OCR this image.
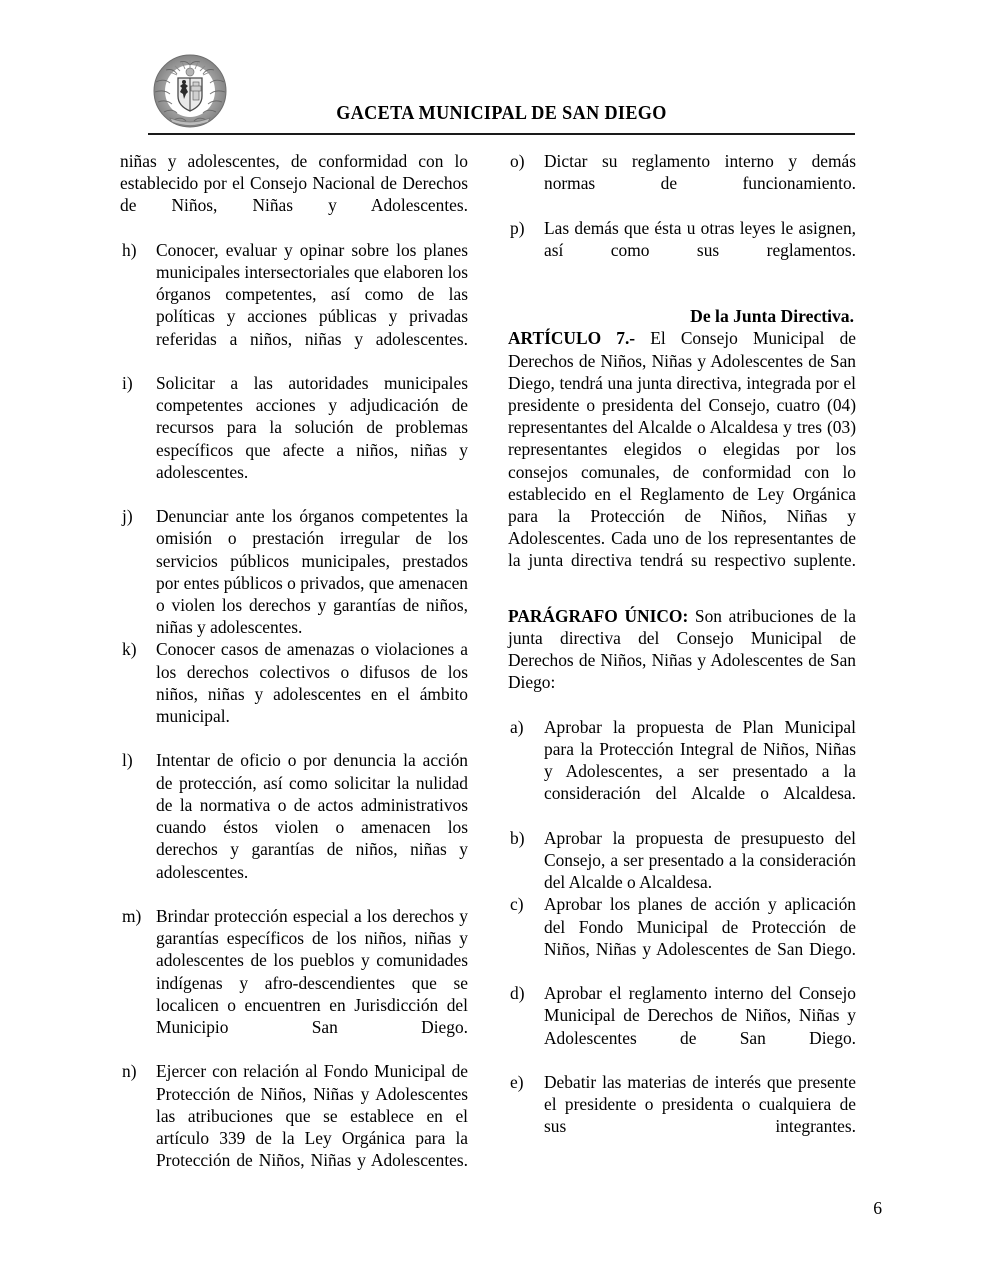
GACETA MUNICIPAL DE SAN DIEGO

niñas y adolescentes, de conformidad con lo establecido por el Consejo Nacional de Derechos de Niños, Niñas y Adolescentes.

h)	Conocer, evaluar y opinar sobre los planes municipales intersectoriales que elaboren los órganos competentes, así como de las políticas y acciones públicas y privadas referidas a niños, niñas y adolescentes.
i)	Solicitar a las autoridades municipales competentes acciones y adjudicación de recursos para la solución de problemas específicos que afecte a niños, niñas y adolescentes.
j)	Denunciar ante los órganos competentes la omisión o prestación irregular de los servicios públicos municipales, prestados por entes públicos o privados, que amenacen o violen los derechos y garantías de niños, niñas y adolescentes.
k)	Conocer casos de amenazas o violaciones a los derechos colectivos o difusos de los niños, niñas y adolescentes en el ámbito municipal.
l)	Intentar de oficio o por denuncia la acción de protección, así como solicitar la nulidad de la normativa o de actos administrativos cuando éstos violen o amenacen los derechos y garantías de niños, niñas y adolescentes.
m) Brindar protección especial a los derechos y garantías específicos de los niños, niñas y adolescentes de los pueblos y comunidades indígenas y afro-descendientes que se localicen o encuentren en Jurisdicción del Municipio San Diego.
n)	Ejercer con relación al Fondo Municipal de Protección de Niños, Niñas y Adolescentes las atribuciones que se establece en el artículo 339 de la Ley Orgánica para la Protección de Niños, Niñas y Adolescentes.
o)	Dictar su reglamento interno y demás normas de funcionamiento.
p)	Las demás que ésta u otras leyes le asignen, así como sus reglamentos.
De la Junta Directiva.

ARTÍCULO 7.- El Consejo Municipal de Derechos de Niños, Niñas y Adolescentes de San Diego, tendrá una junta directiva, integrada por el presidente o presidenta del Consejo, cuatro (04) representantes del Alcalde o Alcaldesa y tres (03) representantes elegidos o elegidas por los consejos comunales, de conformidad con lo establecido en el Reglamento de Ley Orgánica para la Protección de Niños, Niñas y Adolescentes. Cada uno de los representantes de la junta directiva tendrá su respectivo suplente.

PARÁGRAFO ÚNICO: Son atribuciones de la junta directiva del Consejo Municipal de Derechos de Niños, Niñas y Adolescentes de San Diego:

a)	Aprobar la propuesta de Plan Municipal para la Protección Integral de Niños, Niñas y Adolescentes, a ser presentado a la consideración del Alcalde o Alcaldesa.
b)	Aprobar la propuesta de presupuesto del Consejo, a ser presentado a la consideración del Alcalde o Alcaldesa.
c)	Aprobar los planes de acción y aplicación del Fondo Municipal de Protección de Niños, Niñas y Adolescentes de San Diego.
d)	Aprobar el reglamento interno del Consejo Municipal de Derechos de Niños, Niñas y Adolescentes de San Diego.
e)	Debatir las materias de interés que presente el presidente o presidenta o cualquiera de sus integrantes.
6
